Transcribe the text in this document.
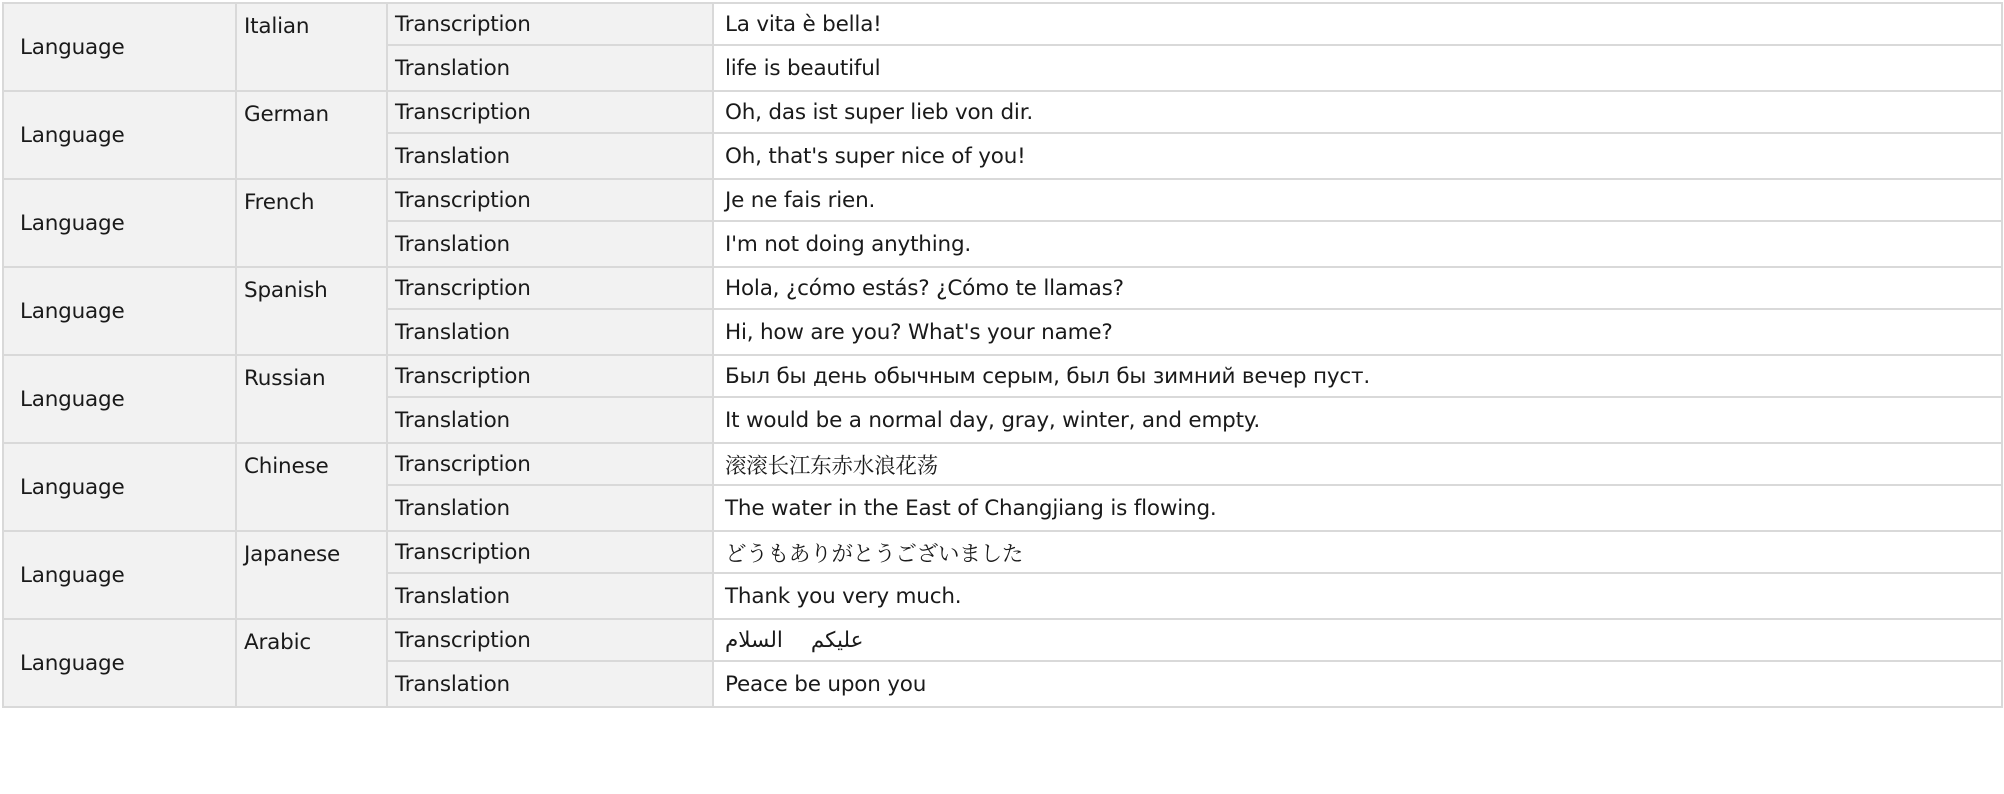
Language	Italian	Transcription	La vita è bella!
		Translation	life is beautiful
Language	German	Transcription	Oh, das ist super lieb von dir.
		Translation	Oh, that's super nice of you!
Language	French	Transcription	Je ne fais rien.
		Translation	I'm not doing anything.
Language	Spanish	Transcription	Hola, ¿cómo estás? ¿Cómo te llamas?
		Translation	Hi, how are you? What's your name?
Language	Russian	Transcription	Был бы день обычным серым, был бы зимний вечер пуст.
		Translation	It would be a normal day, gray, winter, and empty.
Language	Chinese	Transcription	滚滚长江东赤水浪花荡
		Translation	The water in the East of Changjiang is flowing.
Language	Japanese	Transcription	どうもありがとうございました
		Translation	Thank you very much.
Language	Arabic	Transcription	السلام عليكم
		Translation	Peace be upon you
